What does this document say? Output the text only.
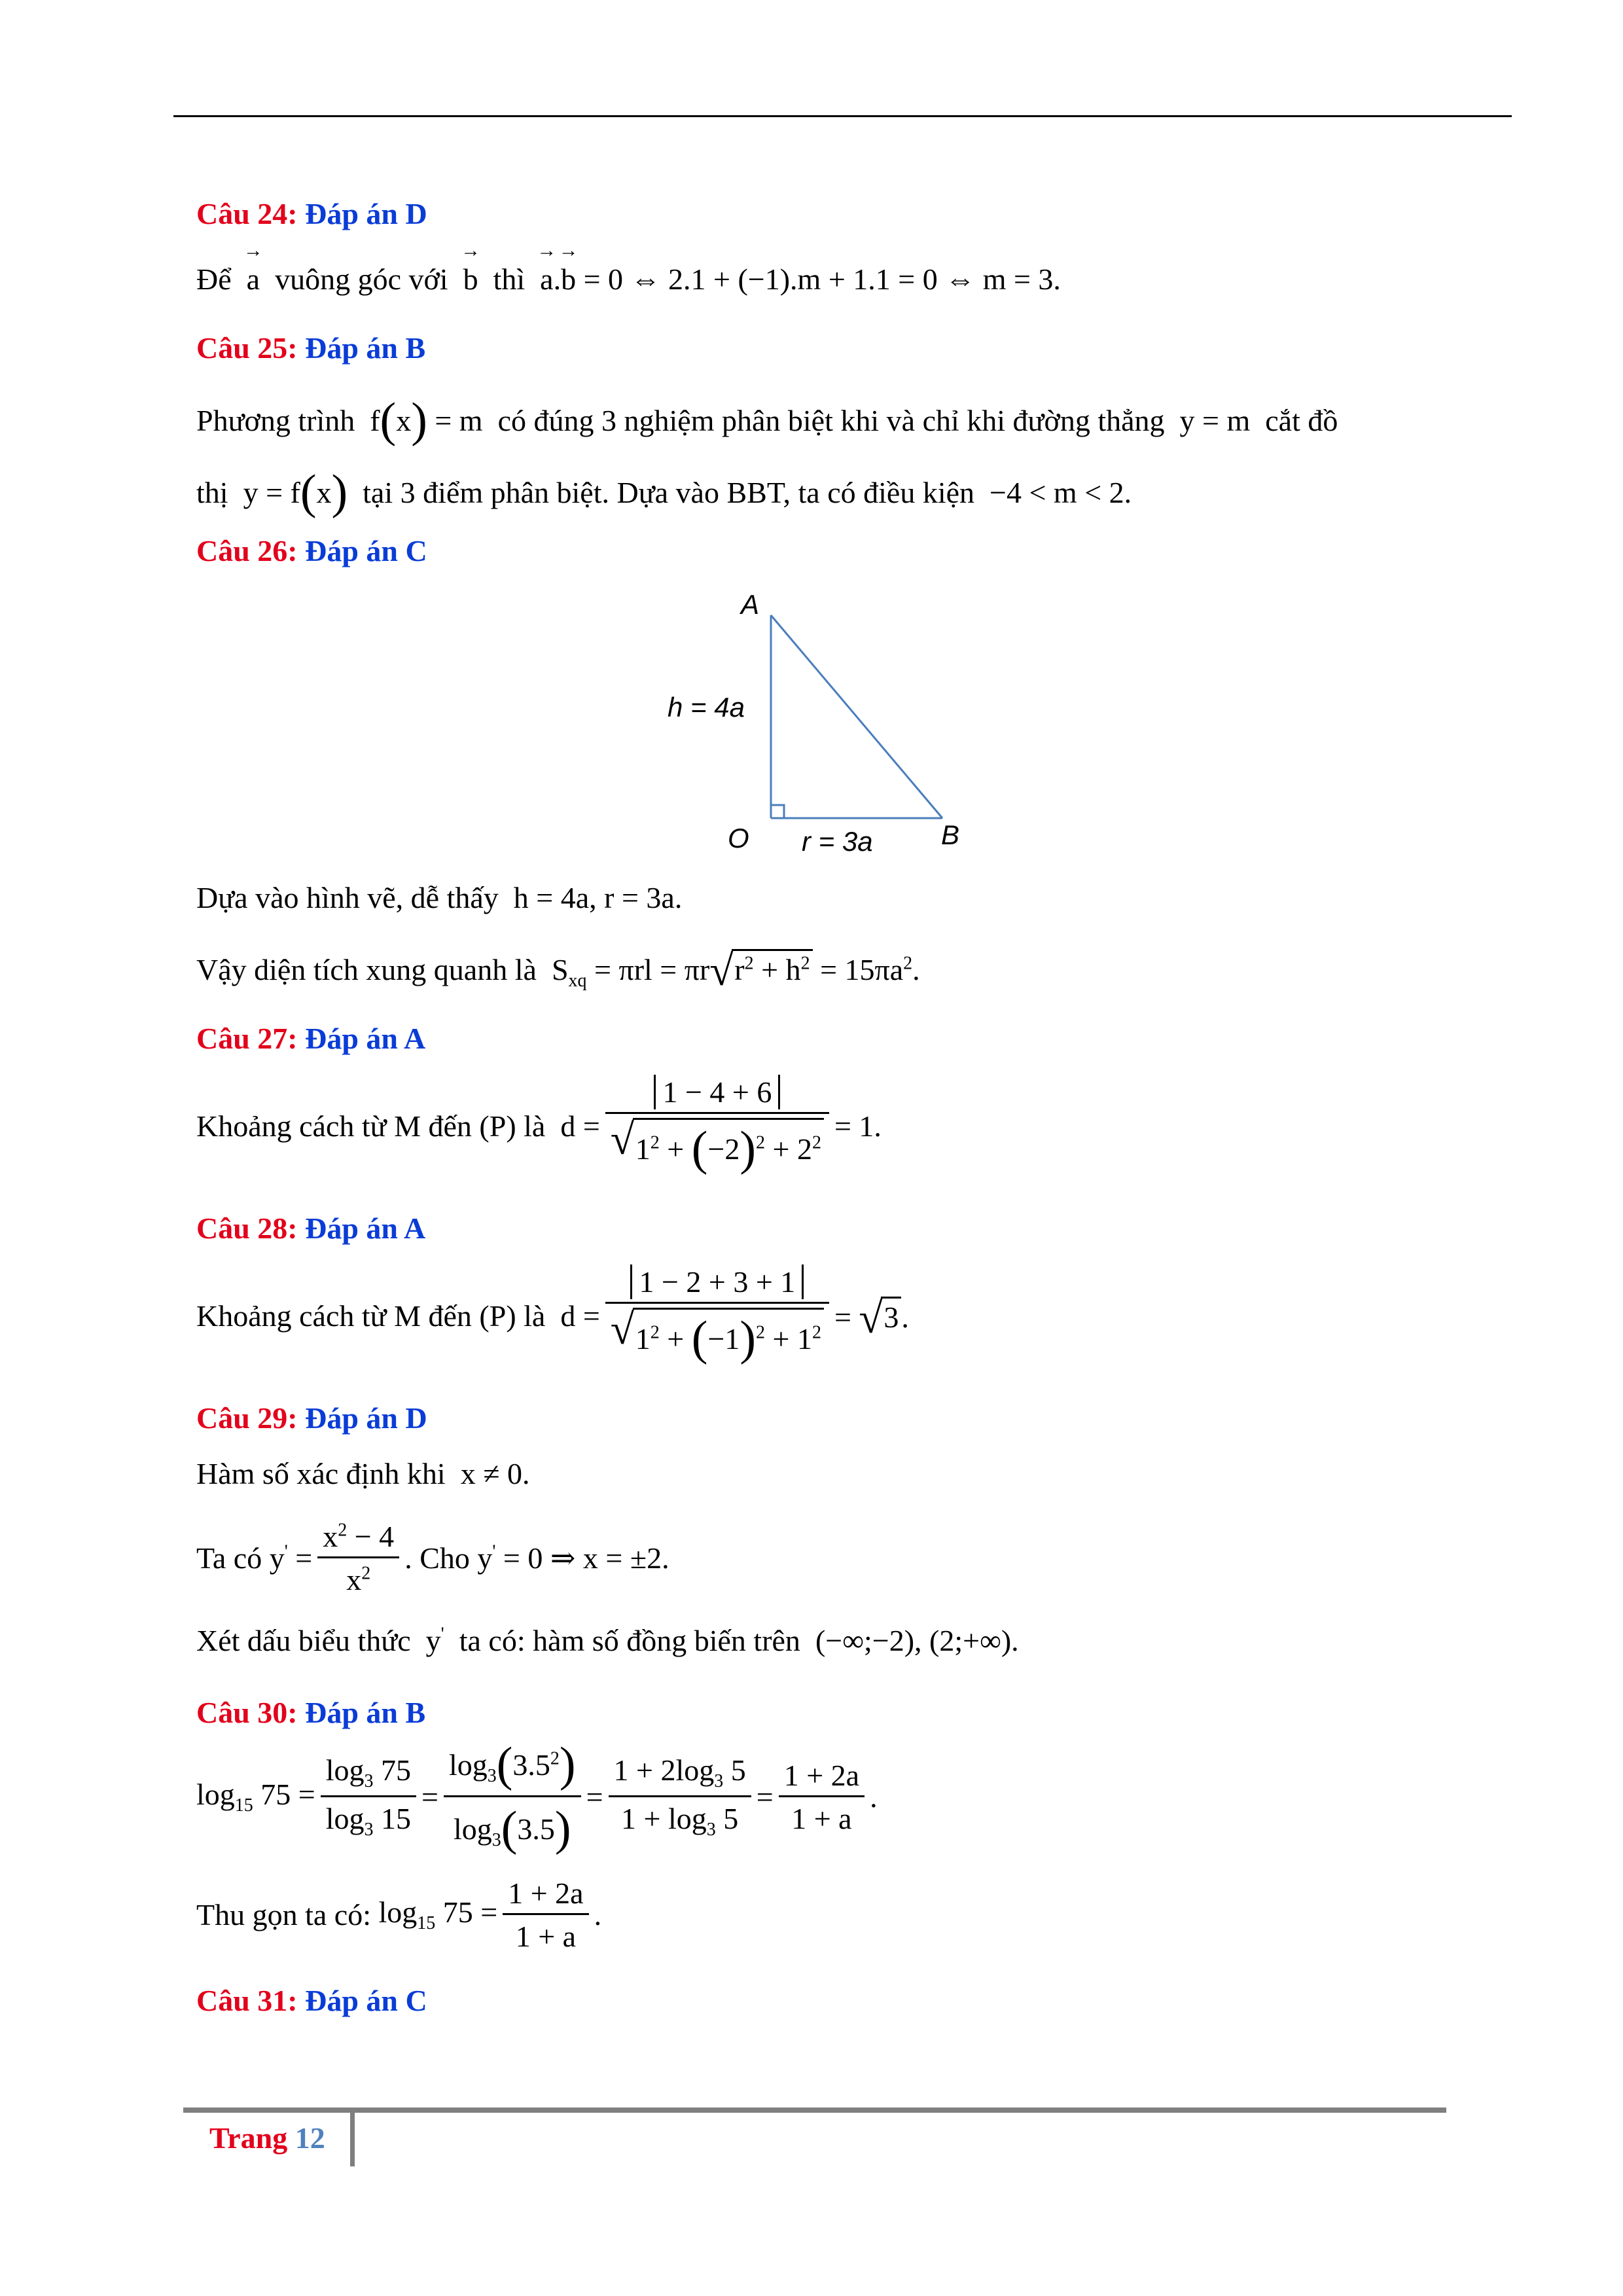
Câu 24: Đáp án D
Để → a vuông góc với → b thì → a.→ b = 0 ⇔ 2.1 + (−1).m + 1.1 = 0 ⇔ m = 3.
Câu 25: Đáp án B
Phương trình f(x) = m có đúng 3 nghiệm phân biệt khi và chỉ khi đường thẳng y = m cắt đồ
thị y = f(x) tại 3 điểm phân biệt. Dựa vào BBT, ta có điều kiện −4 < m < 2.
Câu 26: Đáp án C
A
O	B
h = 4a
r = 3a
Dựa vào hình vẽ, dễ thấy h = 4a, r = 3a.
Vậy diện tích xung quanh là $S_{xq} = \pi rl = \pi r$ √ $r^2 + h^2 = 15\pi a^2$.
Câu 27: Đáp án A
Khoảng cách từ M đến (P) là
$d = \frac{1 - 4 + 6}{√ 1^2 + (-2)^2 + 2^2} = 1$.
Câu 28: Đáp án A
Khoảng cách từ M đến (P) là
$d = \frac{1 - 2 + 3 + 1}{√ 1^2 + (-1)^2 + 1^2}$ = √ 3.
Câu 29: Đáp án D
Hàm số xác định khi x ≠ 0.
Ta có
$y' = \frac{x^2 - 4}{x^2}$ . Cho
y' = 0 ⇒ x = ±2.
Xét dấu biểu thức y' ta có: hàm số đồng biến trên (−∞;−2), (2;+∞).
Câu 30: Đáp án B
$\log_{15} 75 = \frac{\log_3 75}{\log_3 15} = \frac{\log_3(3.5^2)}{\log_3(3.5)} = \frac{1 + 2\log_3 5}{1 + \log_3 5} = \frac{1 + 2a}{1 + a}$ .
Thu gọn ta có:
$\log_{15} 75 = \frac{1 + 2a}{1 + a}$ .
Câu 31: Đáp án C
Trang 12
